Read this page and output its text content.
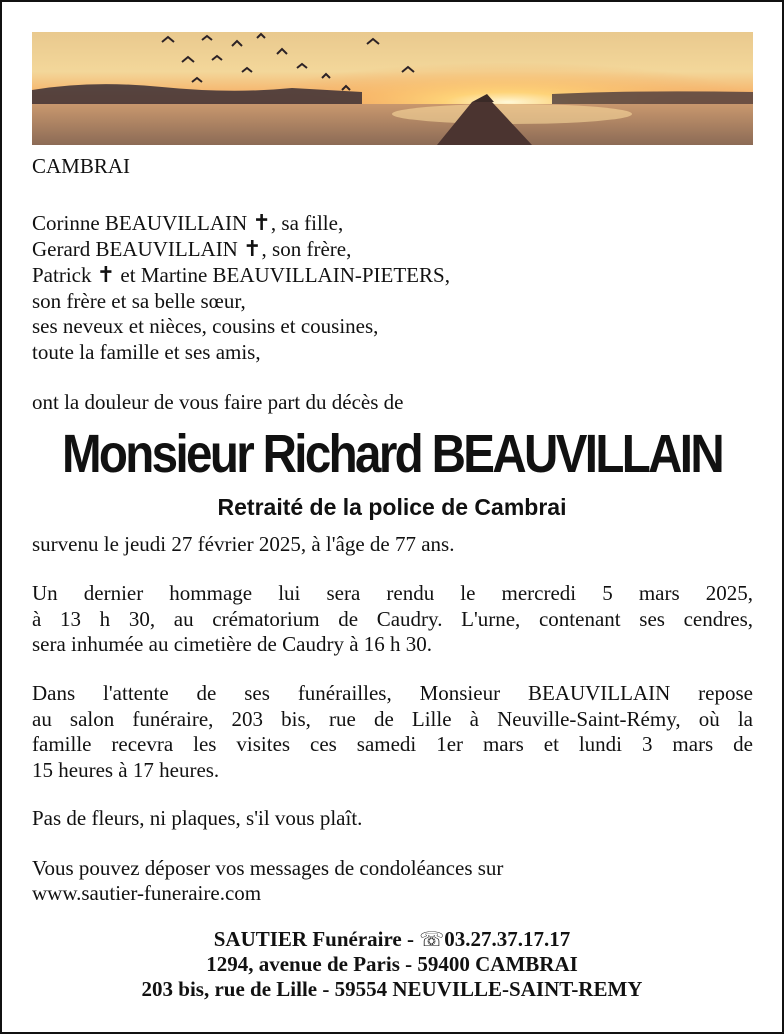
CAMBRAI
Corinne BEAUVILLAIN ✝, sa fille,
Gerard BEAUVILLAIN ✝, son frère,
Patrick ✝ et Martine BEAUVILLAIN-PIETERS,
son frère et sa belle sœur,
ses neveux et nièces, cousins et cousines,
toute la famille et ses amis,
ont la douleur de vous faire part du décès de
Monsieur Richard BEAUVILLAIN
Retraité de la police de Cambrai
survenu le jeudi 27 février 2025, à l'âge de 77 ans.
Un dernier hommage lui sera rendu le mercredi 5 mars 2025,
à 13 h 30, au crématorium de Caudry. L'urne, contenant ses cendres,
sera inhumée au cimetière de Caudry à 16 h 30.
Dans l'attente de ses funérailles, Monsieur BEAUVILLAIN repose
au salon funéraire, 203 bis, rue de Lille à Neuville-Saint-Rémy, où la
famille recevra les visites ces samedi 1er mars et lundi 3 mars de
15 heures à 17 heures.
Pas de fleurs, ni plaques, s'il vous plaît.
Vous pouvez déposer vos messages de condoléances sur
www.sautier-funeraire.com
SAUTIER Funéraire - ☏03.27.37.17.17
1294, avenue de Paris - 59400 CAMBRAI
203 bis, rue de Lille - 59554 NEUVILLE-SAINT-REMY
